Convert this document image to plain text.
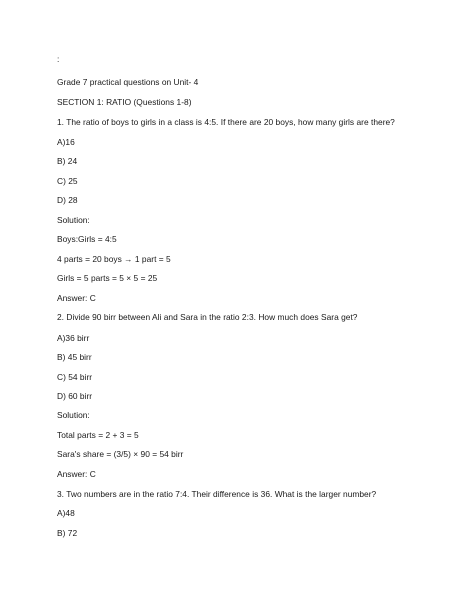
:
Grade 7 practical questions on Unit- 4
SECTION 1: RATIO (Questions 1-8)
1. The ratio of boys to girls in a class is 4:5. If there are 20 boys, how many girls are there?
A)16
B) 24
C) 25
D) 28
Solution:
Boys:Girls = 4:5
4 parts = 20 boys → 1 part = 5
Girls = 5 parts = 5 × 5 = 25
Answer: C
2. Divide 90 birr between Ali and Sara in the ratio 2:3. How much does Sara get?
A)36 birr
B) 45 birr
C) 54 birr
D) 60 birr
Solution:
Total parts = 2 + 3 = 5
Sara's share = (3/5) × 90 = 54 birr
Answer: C
3. Two numbers are in the ratio 7:4. Their difference is 36. What is the larger number?
A)48
B) 72
